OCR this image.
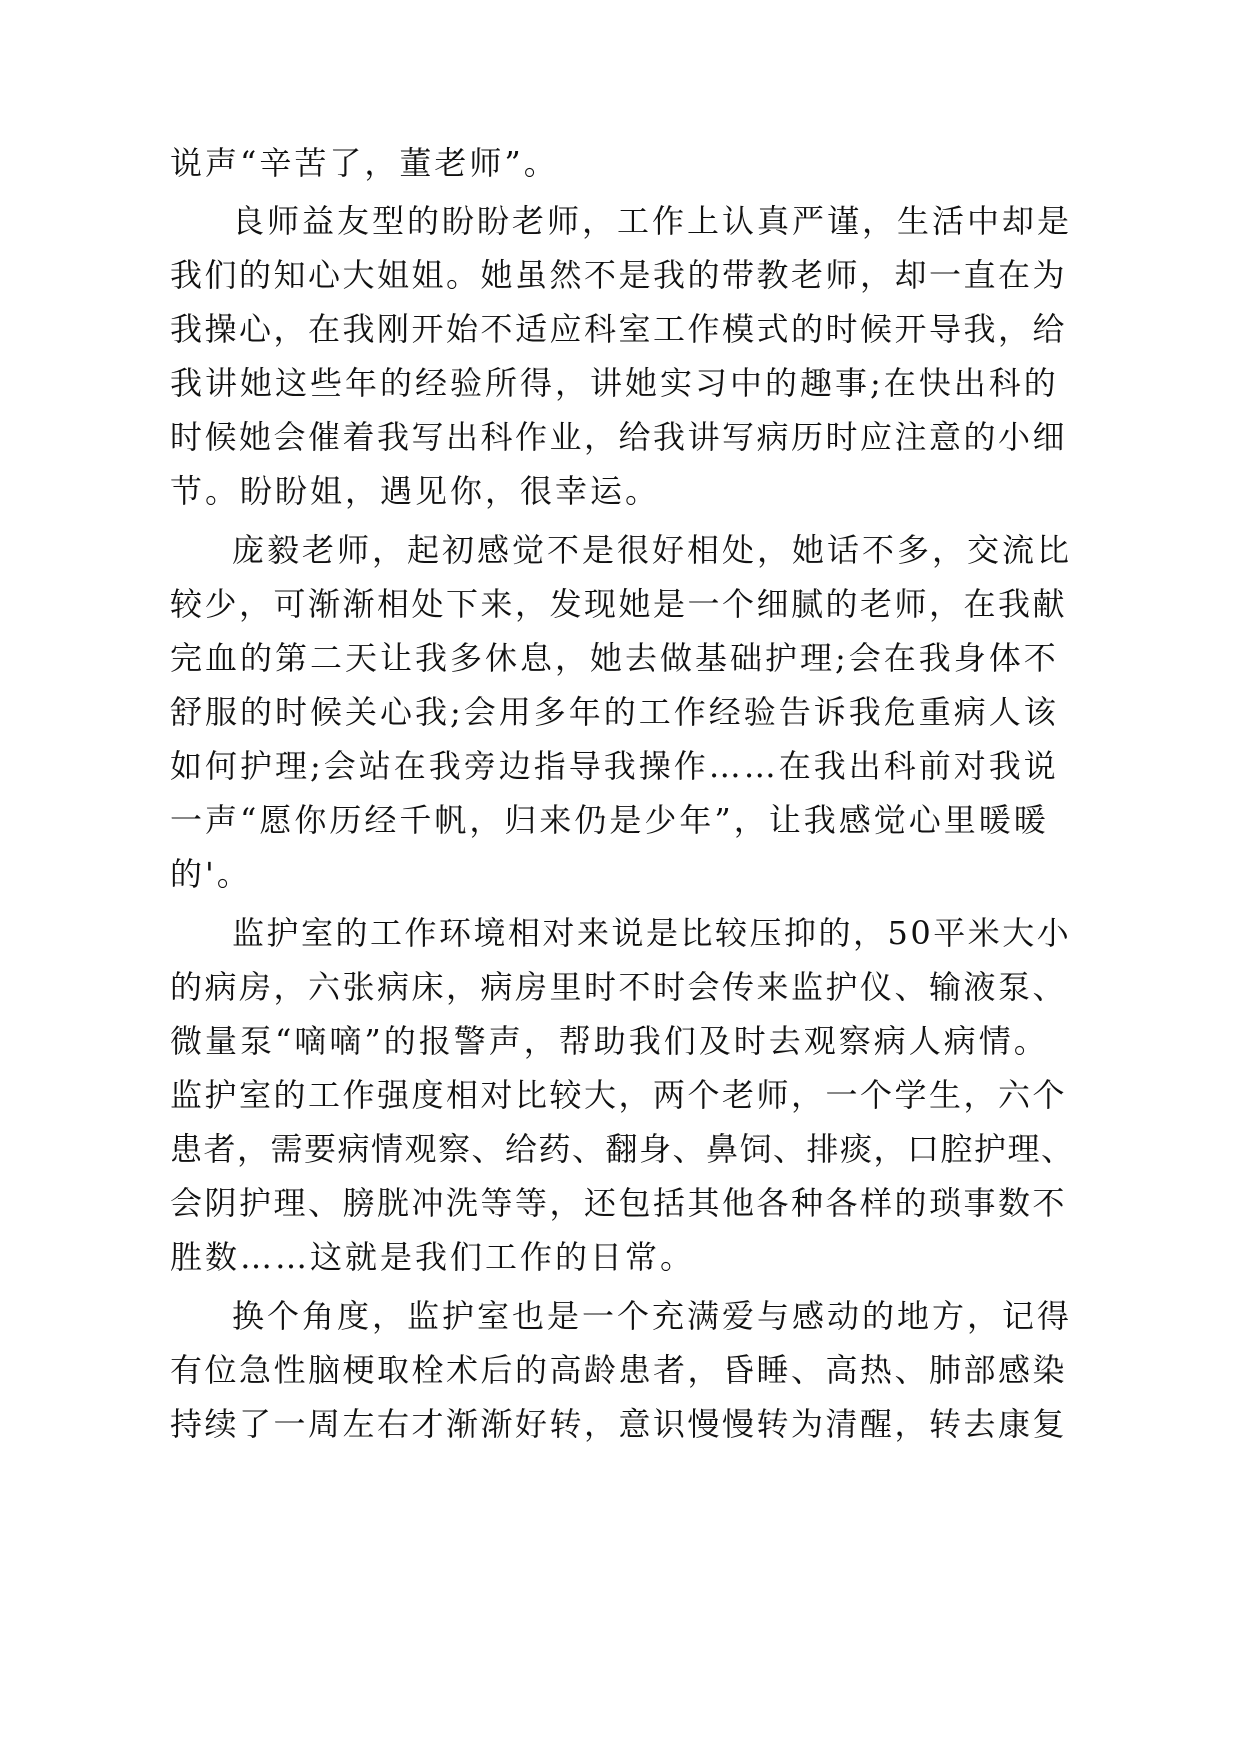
说声“辛苦了，董老师”。
良师益友型的盼盼老师，工作上认真严谨，生活中却是
我们的知心大姐姐。她虽然不是我的带教老师，却一直在为
我操心，在我刚开始不适应科室工作模式的时候开导我，给
我讲她这些年的经验所得，讲她实习中的趣事;在快出科的
时候她会催着我写出科作业，给我讲写病历时应注意的小细
节。盼盼姐，遇见你，很幸运。
庞毅老师，起初感觉不是很好相处，她话不多，交流比
较少，可渐渐相处下来，发现她是一个细腻的老师，在我献
完血的第二天让我多休息，她去做基础护理;会在我身体不
舒服的时候关心我;会用多年的工作经验告诉我危重病人该
如何护理;会站在我旁边指导我操作……在我出科前对我说
一声“愿你历经千帆，归来仍是少年”，让我感觉心里暖暖
的'。
监护室的工作环境相对来说是比较压抑的，50平米大小
的病房，六张病床，病房里时不时会传来监护仪、输液泵、
微量泵“嘀嘀”的报警声，帮助我们及时去观察病人病情。
监护室的工作强度相对比较大，两个老师，一个学生，六个
患者，需要病情观察、给药、翻身、鼻饲、排痰，口腔护理、
会阴护理、膀胱冲洗等等，还包括其他各种各样的琐事数不
胜数……这就是我们工作的日常。
换个角度，监护室也是一个充满爱与感动的地方，记得
有位急性脑梗取栓术后的高龄患者，昏睡、高热、肺部感染
持续了一周左右才渐渐好转，意识慢慢转为清醒，转去康复
